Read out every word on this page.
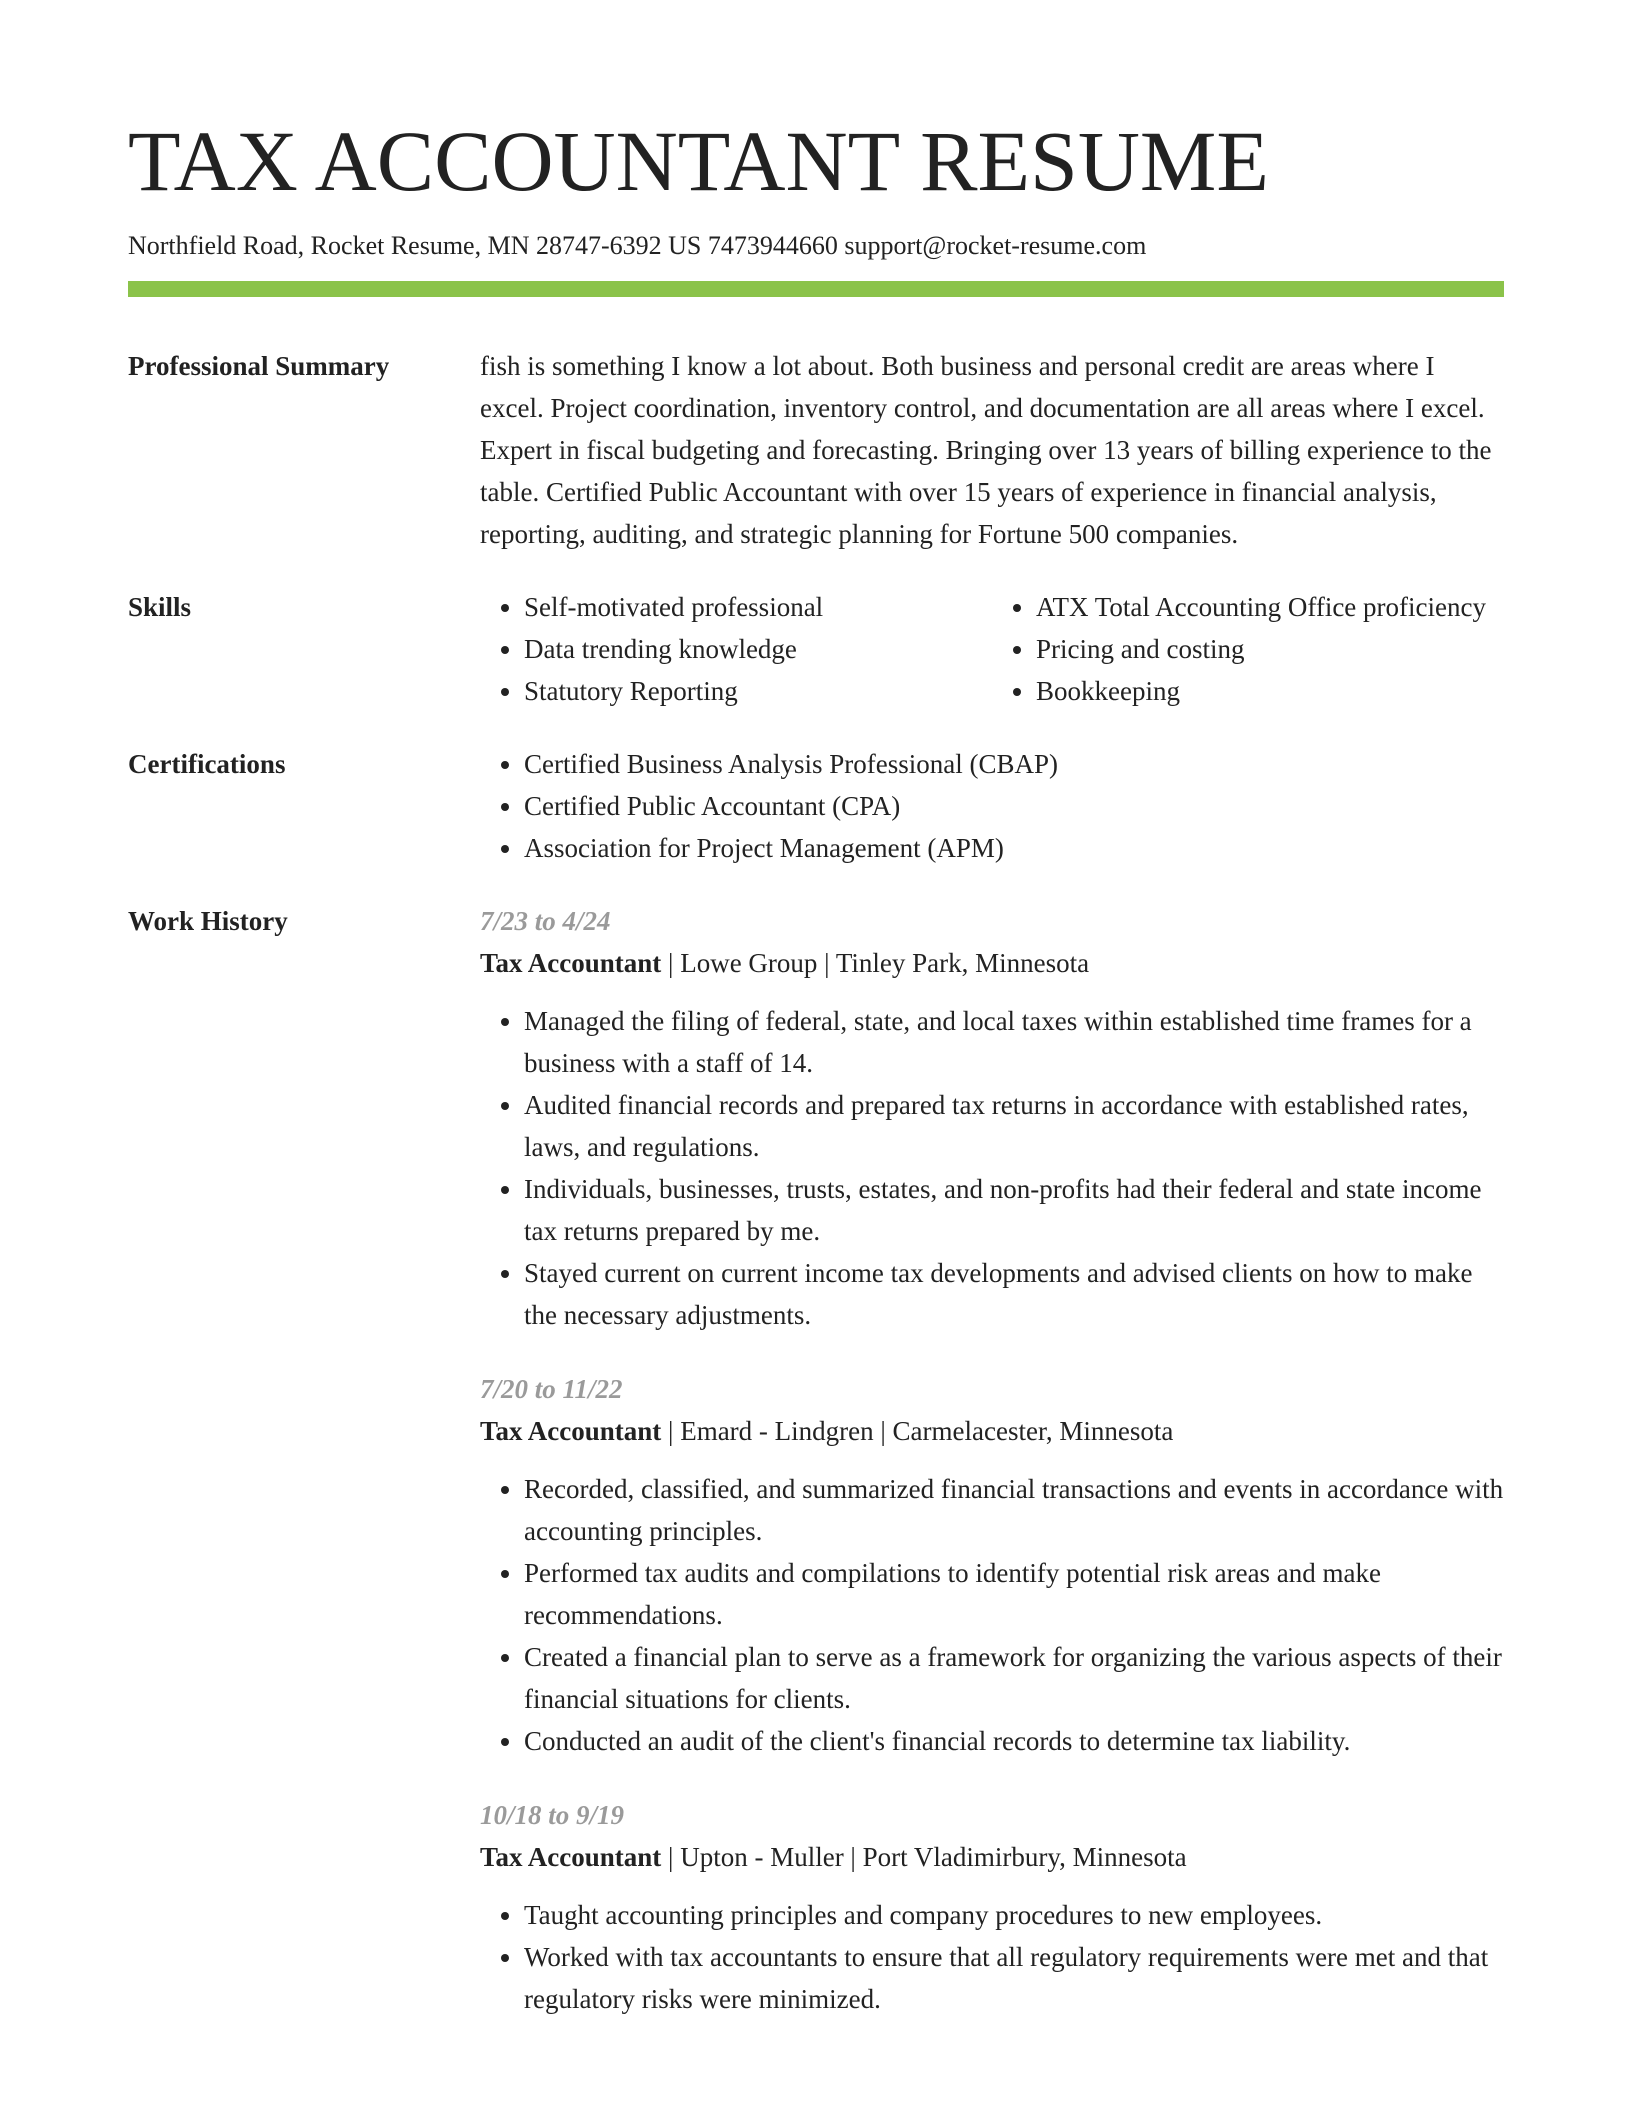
TAX ACCOUNTANT RESUME
Northfield Road, Rocket Resume, MN 28747-6392 US 7473944660 support@rocket-resume.com
Professional Summary	fish is something I know a lot about. Both business and personal credit are areas where I excel. Project coordination, inventory control, and documentation are all areas where I excel. Expert in fiscal budgeting and forecasting. Bringing over 13 years of billing experience to the table. Certified Public Accountant with over 15 years of experience in financial analysis, reporting, auditing, and strategic planning for Fortune 500 companies.

Skills	• Self-motivated professional
• Data trending knowledge
• Statutory Reporting
• ATX Total Accounting Office proficiency
• Pricing and costing
• Bookkeeping
Certifications	• Certified Business Analysis Professional (CBAP)
• Certified Public Accountant (CPA)
• Association for Project Management (APM)
Work History	7/23 to 4/24
Tax Accountant | Lowe Group | Tinley Park, Minnesota
• Managed the filing of federal, state, and local taxes within established time frames for a business with a staff of 14.
• Audited financial records and prepared tax returns in accordance with established rates, laws, and regulations.
• Individuals, businesses, trusts, estates, and non-profits had their federal and state income tax returns prepared by me.
• Stayed current on current income tax developments and advised clients on how to make the necessary adjustments.
7/20 to 11/22
Tax Accountant | Emard - Lindgren | Carmelacester, Minnesota
• Recorded, classified, and summarized financial transactions and events in accordance with accounting principles.
• Performed tax audits and compilations to identify potential risk areas and make recommendations.
• Created a financial plan to serve as a framework for organizing the various aspects of their financial situations for clients.
• Conducted an audit of the client's financial records to determine tax liability.
10/18 to 9/19
Tax Accountant | Upton - Muller | Port Vladimirbury, Minnesota
• Taught accounting principles and company procedures to new employees.
• Worked with tax accountants to ensure that all regulatory requirements were met and that regulatory risks were minimized.
